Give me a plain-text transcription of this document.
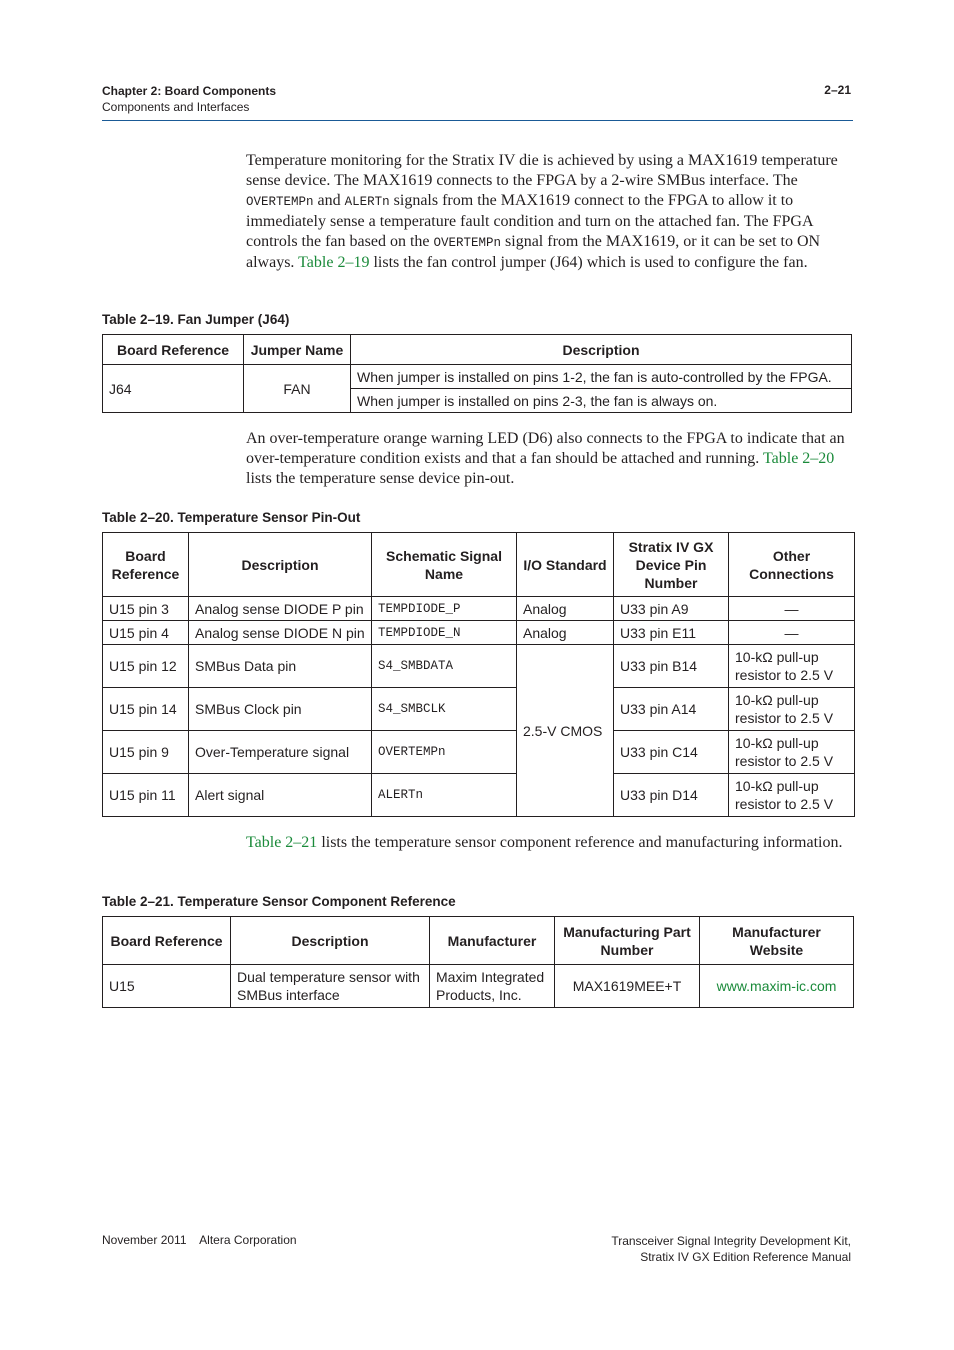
Chapter 2: Board Components
Components and Interfaces
2–21
Temperature monitoring for the Stratix IV die is achieved by using a MAX1619 temperature sense device. The MAX1619 connects to the FPGA by a 2-wire SMBus interface. The OVERTEMPn and ALERTn signals from the MAX1619 connect to the FPGA to allow it to immediately sense a temperature fault condition and turn on the attached fan. The FPGA controls the fan based on the OVERTEMPn signal from the MAX1619, or it can be set to ON always. Table 2–19 lists the fan control jumper (J64) which is used to configure the fan.
Table 2–19. Fan Jumper (J64)
Board Reference	Jumper Name	Description
J64	FAN	When jumper is installed on pins 1-2, the fan is auto-controlled by the FPGA.
		When jumper is installed on pins 2-3, the fan is always on.
An over-temperature orange warning LED (D6) also connects to the FPGA to indicate that an over-temperature condition exists and that a fan should be attached and running. Table 2–20 lists the temperature sense device pin-out.
Table 2–20. Temperature Sensor Pin-Out
Board Reference	Description	Schematic Signal Name	I/O Standard	Stratix IV GX Device Pin Number	Other Connections
U15 pin 3	Analog sense DIODE P pin	TEMPDIODE_P	Analog	U33 pin A9	—
U15 pin 4	Analog sense DIODE N pin	TEMPDIODE_N	Analog	U33 pin E11	—
U15 pin 12	SMBus Data pin	S4_SMBDATA	2.5-V CMOS	U33 pin B14	10-kΩ pull-up resistor to 2.5 V
U15 pin 14	SMBus Clock pin	S4_SMBCLK		U33 pin A14	10-kΩ pull-up resistor to 2.5 V
U15 pin 9	Over-Temperature signal	OVERTEMPn		U33 pin C14	10-kΩ pull-up resistor to 2.5 V
U15 pin 11	Alert signal	ALERTn		U33 pin D14	10-kΩ pull-up resistor to 2.5 V
Table 2–21 lists the temperature sensor component reference and manufacturing information.
Table 2–21. Temperature Sensor Component Reference
Board Reference	Description	Manufacturer	Manufacturing Part Number	Manufacturer Website
U15	Dual temperature sensor with SMBus interface	Maxim Integrated Products, Inc.	MAX1619MEE+T	www.maxim-ic.com
November 2011    Altera Corporation	Transceiver Signal Integrity Development Kit,
Stratix IV GX Edition Reference Manual
